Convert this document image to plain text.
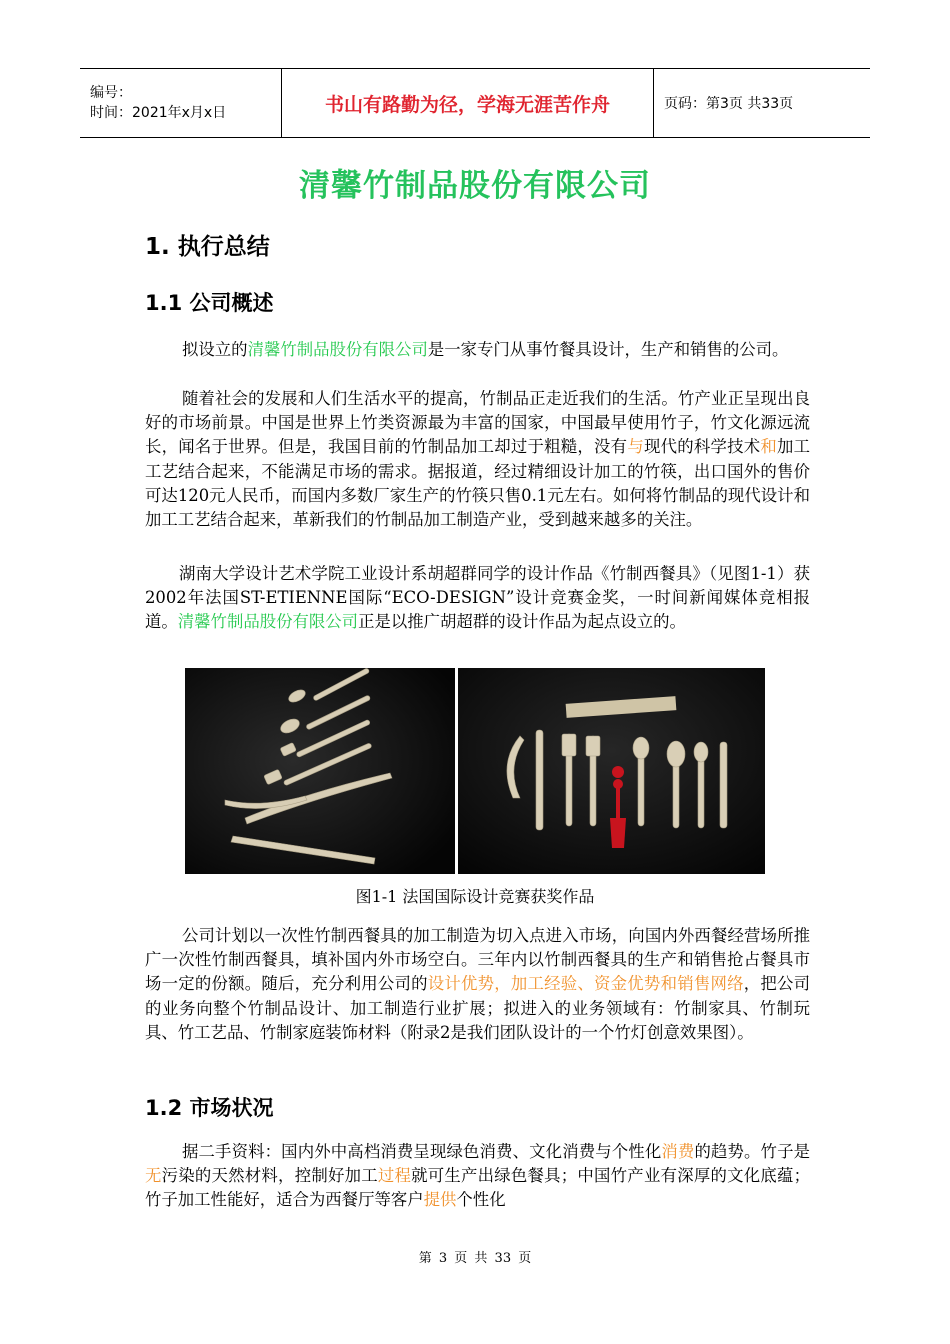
编号：
时间：2021年x月x日	书山有路勤为径，学海无涯苦作舟	页码：第3页 共33页
清馨竹制品股份有限公司
1. 执行总结
1.1 公司概述

拟设立的清馨竹制品股份有限公司是一家专门从事竹餐具设计，生产和销售的公司。

随着社会的发展和人们生活水平的提高，竹制品正走近我们的生活。竹产业正呈现出良好的市场前景。中国是世界上竹类资源最为丰富的国家，中国最早使用竹子，竹文化源远流长，闻名于世界。但是，我国目前的竹制品加工却过于粗糙，没有与现代的科学技术和加工工艺结合起来，不能满足市场的需求。据报道，经过精细设计加工的竹筷，出口国外的售价可达120元人民币，而国内多数厂家生产的竹筷只售0.1元左右。如何将竹制品的现代设计和加工工艺结合起来，革新我们的竹制品加工制造产业，受到越来越多的关注。

湖南大学设计艺术学院工业设计系胡超群同学的设计作品《竹制西餐具》（见图1-1）获2002年法国ST-ETIENNE国际“ECO-DESIGN”设计竞赛金奖，一时间新闻媒体竞相报道。清馨竹制品股份有限公司正是以推广胡超群的设计作品为起点设立的。

图1-1 法国国际设计竞赛获奖作品

公司计划以一次性竹制西餐具的加工制造为切入点进入市场，向国内外西餐经营场所推广一次性竹制西餐具，填补国内外市场空白。三年内以竹制西餐具的生产和销售抢占餐具市场一定的份额。随后，充分利用公司的设计优势，加工经验、资金优势和销售网络，把公司的业务向整个竹制品设计、加工制造行业扩展；拟进入的业务领域有：竹制家具、竹制玩具、竹工艺品、竹制家庭装饰材料（附录2是我们团队设计的一个竹灯创意效果图）。

1.2 市场状况

据二手资料：国内外中高档消费呈现绿色消费、文化消费与个性化消费的趋势。竹子是无污染的天然材料，控制好加工过程就可生产出绿色餐具；中国竹产业有深厚的文化底蕴；竹子加工性能好，适合为西餐厅等客户提供个性化

第 3 页 共 33 页
